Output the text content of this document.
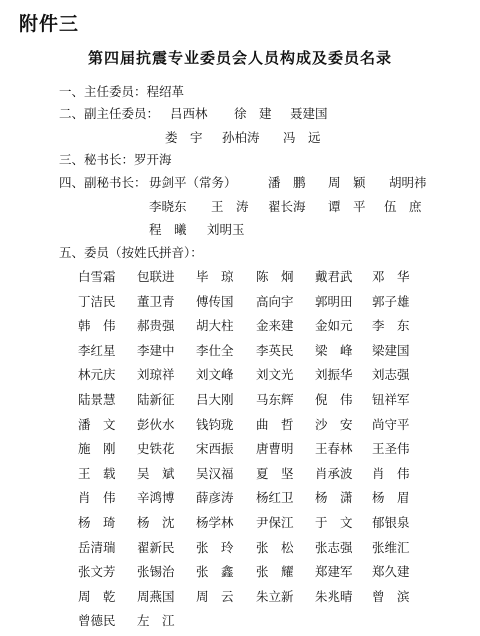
附件三
第四届抗震专业委员会人员构成及委员名录
一、主任委员：程绍革
二、副主任委员： 吕西林 徐　建 聂建国
娄　宇 孙柏涛 冯　远
三、秘书长：罗开海
四、副秘书长： 毋剑平（常务）	潘　鹏 周　颖 胡明祎
李晓东 王　涛 翟长海 谭　平 伍　庶
程　曦 刘明玉
五、委员（按姓氏拼音）：
白雪霜	包联进	毕　琼	陈　炯	戴君武	邓　华
丁洁民	董卫青	傅传国	高向宇	郭明田	郭子雄
韩　伟	郝贵强	胡大柱	金来建	金如元	李　东
李红星	李建中	李仕全	李英民	梁　峰	梁建国
林元庆	刘琼祥	刘文峰	刘文光	刘振华	刘志强
陆景慧	陆新征	吕大刚	马东辉	倪　伟	钮祥军
潘　文	彭伙水	钱钧珑	曲　哲	沙　安	尚守平
施　刚	史铁花	宋西振	唐曹明	王春林	王圣伟
王　载	吴　斌	吴汉福	夏　坚	肖承波	肖　伟
肖　伟	辛鸿博	薛彦涛	杨红卫	杨　潇	杨　眉
杨　琦	杨　沈	杨学林	尹保江	于　文	郁银泉
岳清瑞	翟新民	张　玲	张　松	张志强	张维汇
张文芳	张锡治	张　鑫	张　耀	郑建军	郑久建
周　乾	周燕国	周　云	朱立新	朱兆晴	曾　滨
曾德民	左　江
